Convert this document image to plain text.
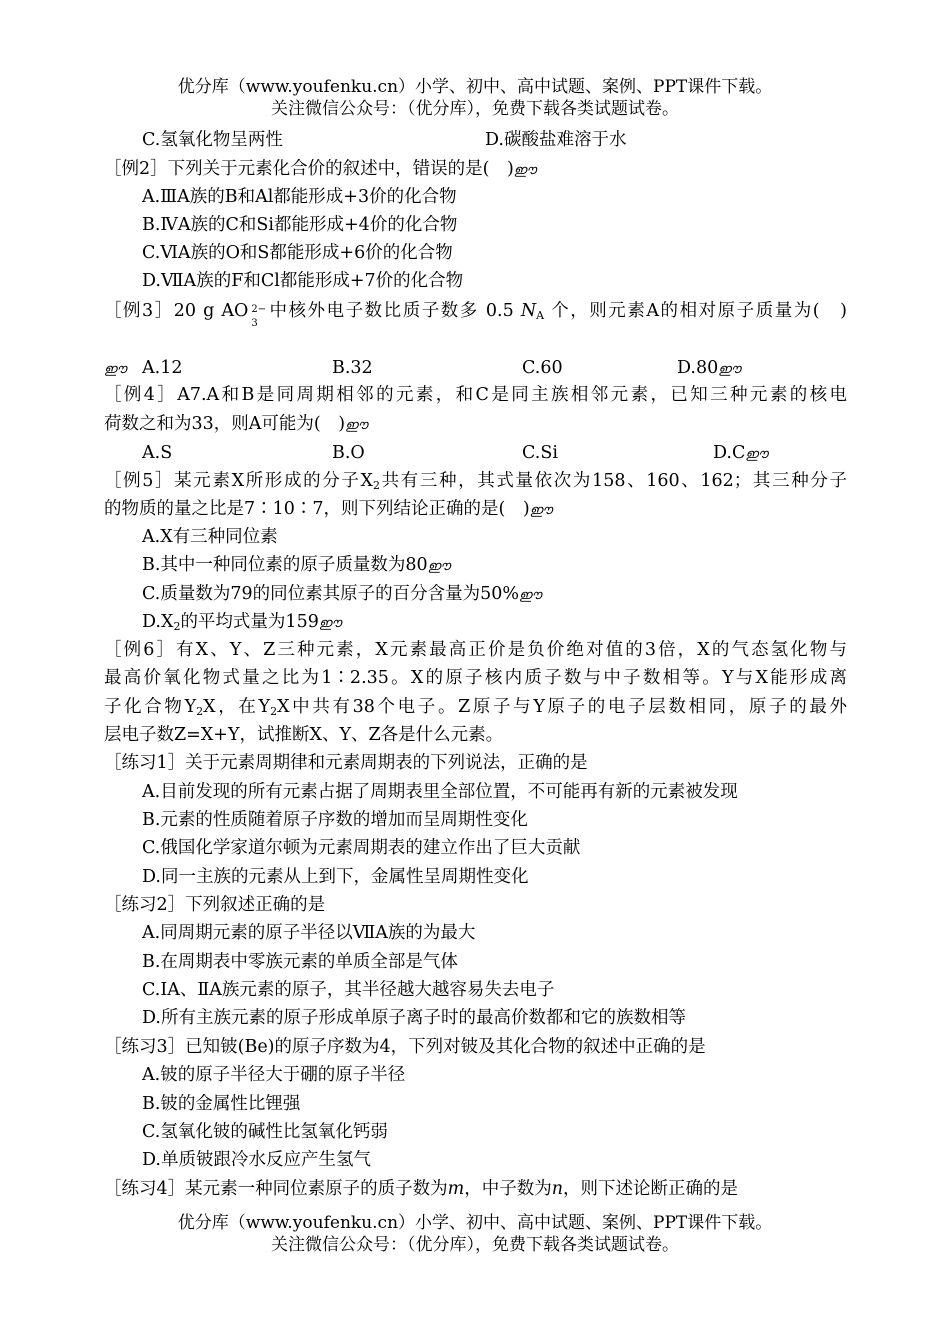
优分库（www.youfenku.cn）小学、初中、高中试题、案例、PPT课件下载。
关注微信公众号：（优分库），免费下载各类试题试卷。
C.氢氧化物呈两性	D.碳酸盐难溶于水
［例2］下列关于元素化合价的叙述中，错误的是(　)ഈ
A.ⅢA族的B和Al都能形成+3价的化合物
B.ⅣA族的C和Si都能形成+4价的化合物
C.ⅥA族的O和S都能形成+6价的化合物
D.ⅦA族的F和Cl都能形成+7价的化合物
［例3］20 g AO 2−
3
中核外电子数比质子数多 0.5 $N_A$ 个，则元素A的相对原子质量为(　)
ഈ A.12	B.32	C.60	D.80ഈ
［例4］A7.A和B是同周期相邻的元素，和C是同主族相邻元素，已知三种元素的核电
荷数之和为33，则A可能为(　)ഈ
A.S	B.O	C.Si	D.Cഈ
［例5］某元素X所形成的分子$X_2$共有三种，其式量依次为158、160、162；其三种分子
的物质的量之比是7∶10∶7，则下列结论正确的是(　)ഈ
A.X有三种同位素
B.其中一种同位素的原子质量数为80ഈ
C.质量数为79的同位素其原子的百分含量为50%ഈ
$D.X_2$的平均式量为159ഈ
［例6］有X、Y、Z三种元素，X元素最高正价是负价绝对值的3倍，X的气态氢化物与
最高价氧化物式量之比为1∶2.35。X的原子核内质子数与中子数相等。Y与X能形成离
子化合物$Y_2X$，在$Y_2X$中共有38个电子。Z原子与Y原子的电子层数相同，原子的最外
层电子数Z=X+Y，试推断X、Y、Z各是什么元素。
［练习1］关于元素周期律和元素周期表的下列说法，正确的是
A.目前发现的所有元素占据了周期表里全部位置，不可能再有新的元素被发现
B.元素的性质随着原子序数的增加而呈周期性变化
C.俄国化学家道尔顿为元素周期表的建立作出了巨大贡献
D.同一主族的元素从上到下，金属性呈周期性变化
［练习2］下列叙述正确的是
A.同周期元素的原子半径以ⅦA族的为最大
B.在周期表中零族元素的单质全部是气体
C.ⅠA、ⅡA族元素的原子，其半径越大越容易失去电子
D.所有主族元素的原子形成单原子离子时的最高价数都和它的族数相等
［练习3］已知铍(Be)的原子序数为4，下列对铍及其化合物的叙述中正确的是
A.铍的原子半径大于硼的原子半径
B.铍的金属性比锂强
C.氢氧化铍的碱性比氢氧化钙弱
D.单质铍跟冷水反应产生氢气
［练习4］某元素一种同位素原子的质子数为m，中子数为n，则下述论断正确的是
优分库（www.youfenku.cn）小学、初中、高中试题、案例、PPT课件下载。
关注微信公众号：（优分库），免费下载各类试题试卷。
